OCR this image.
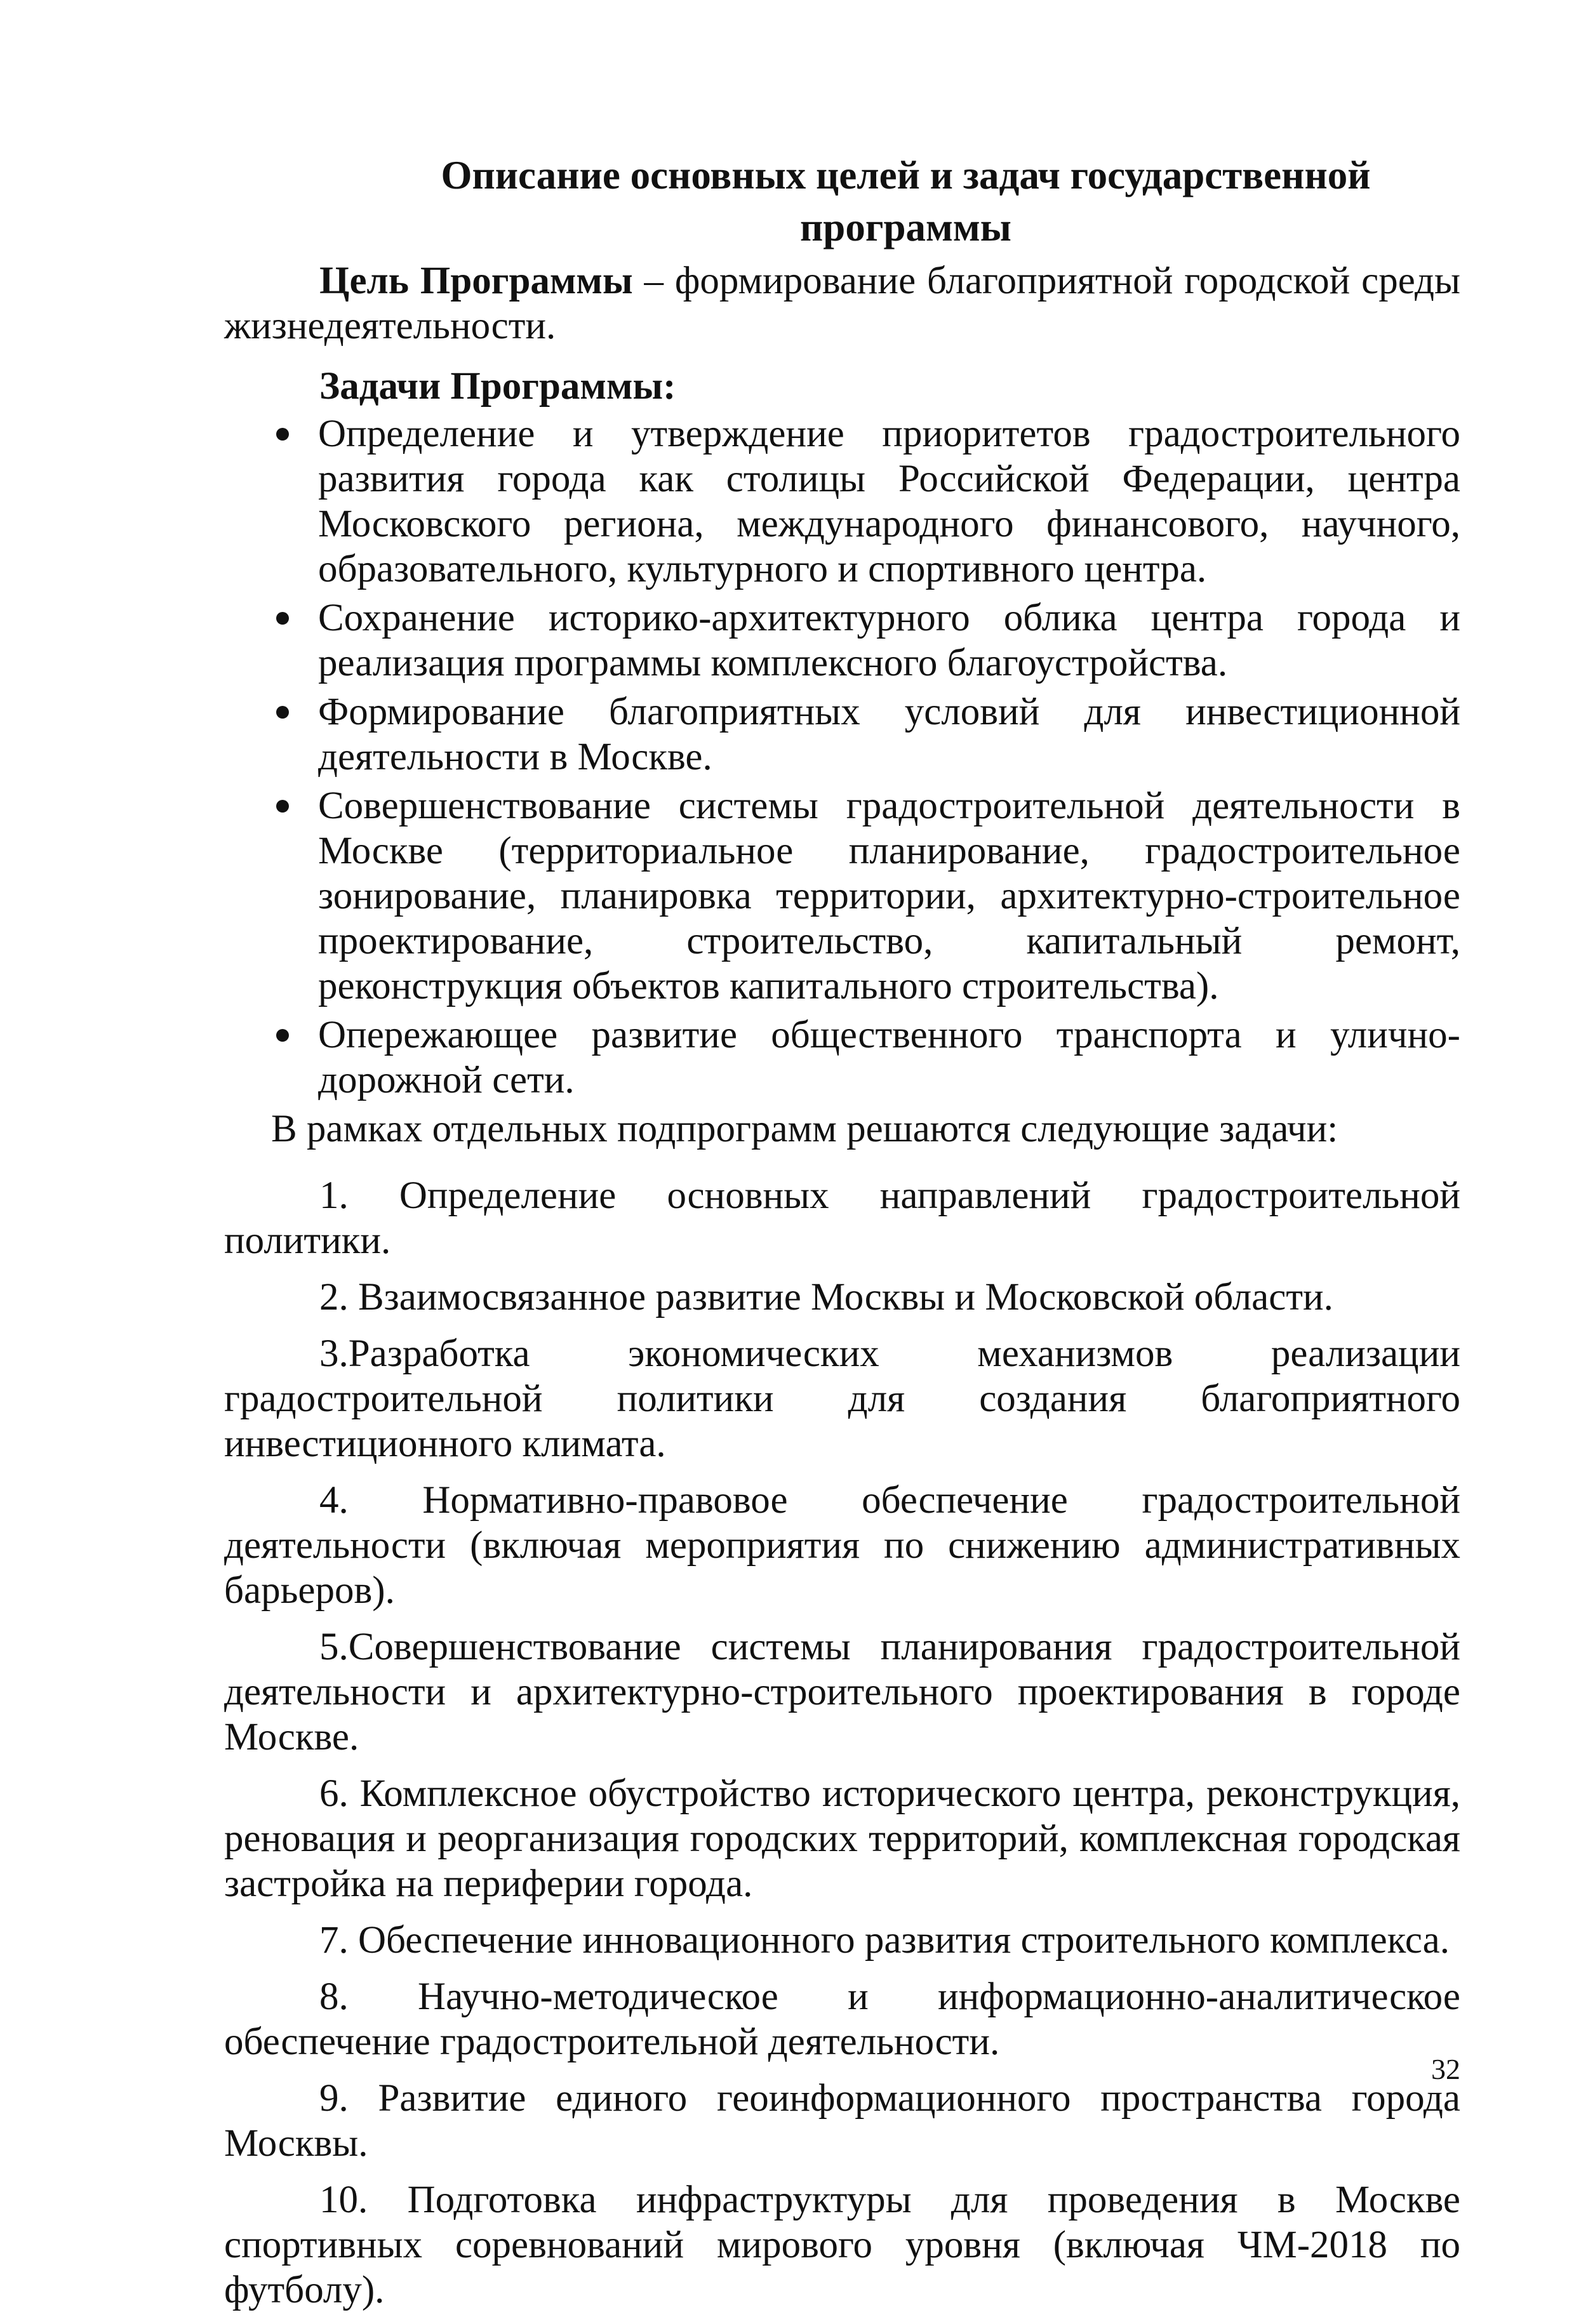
Описание основных целей и задач государственной программы

Цель Программы – формирование благоприятной городской среды жизнедеятельности.

Задачи Программы:
Определение и утверждение приоритетов градостроительного развития города как столицы Российской Федерации, центра Московского региона, международного финансового, научного, образовательного, культурного и спортивного центра.
Сохранение историко-архитектурного облика центра города и реализация программы комплексного благоустройства.
Формирование благоприятных условий для инвестиционной деятельности в Москве.
Совершенствование системы градостроительной деятельности в Москве (территориальное планирование, градостроительное зонирование, планировка территории, архитектурно-строительное проектирование, строительство, капитальный ремонт, реконструкция объектов капитального строительства).
Опережающее развитие общественного транспорта и улично-дорожной сети.
В рамках отдельных подпрограмм решаются следующие задачи:
1. Определение основных направлений градостроительной политики.
2. Взаимосвязанное развитие Москвы и Московской области.
3.Разработка экономических механизмов реализации градостроительной политики для создания благоприятного инвестиционного климата.
4. Нормативно-правовое обеспечение градостроительной деятельности (включая мероприятия по снижению административных барьеров).
5.Совершенствование системы планирования градостроительной деятельности и архитектурно-строительного проектирования в городе Москве.
6. Комплексное обустройство исторического центра, реконструкция, реновация и реорганизация городских территорий, комплексная городская застройка на периферии города.
7. Обеспечение инновационного развития строительного комплекса.
8. Научно-методическое и информационно-аналитическое обеспечение градостроительной деятельности.
9. Развитие единого геоинформационного пространства города Москвы.
10. Подготовка инфраструктуры для проведения в Москве спортивных соревнований мирового уровня (включая ЧМ-2018 по футболу).
32
